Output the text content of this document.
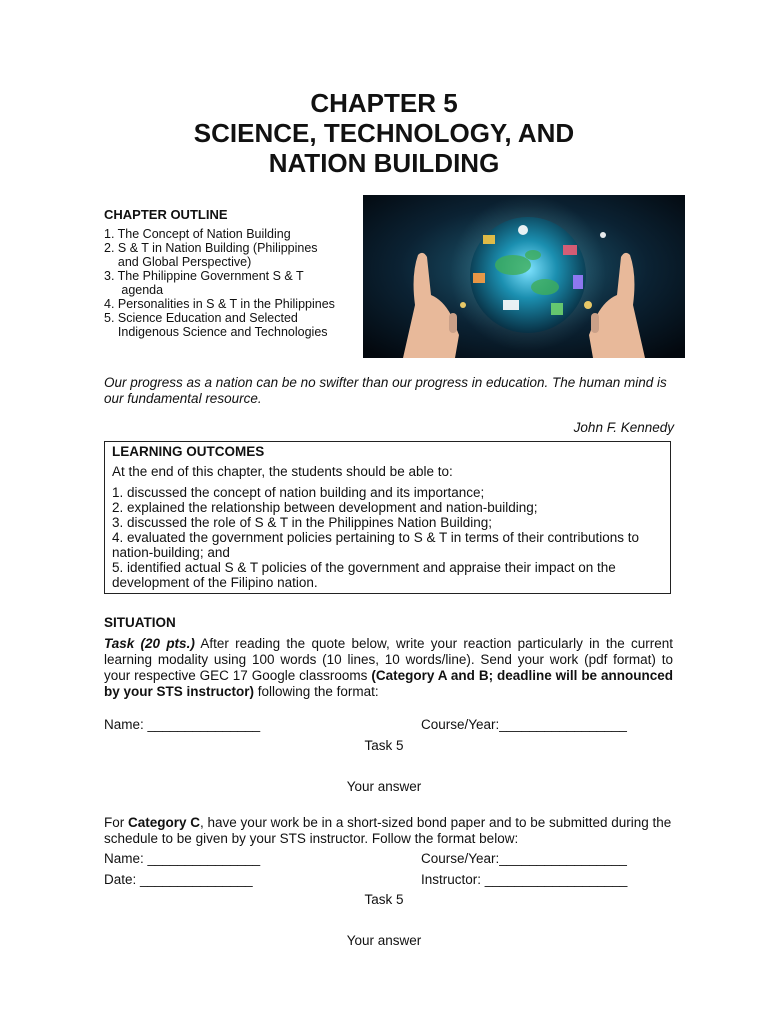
CHAPTER 5
SCIENCE, TECHNOLOGY, AND
NATION BUILDING
CHAPTER OUTLINE
1. The Concept of Nation Building
2. S & T in Nation Building (Philippines
and Global Perspective)
3. The Philippine Government S & T
agenda
4. Personalities in S & T in the Philippines
5. Science Education and Selected
Indigenous Science and Technologies
Our progress as a nation can be no swifter than our progress in education. The human mind is our fundamental resource.
John F. Kennedy
LEARNING OUTCOMES
At the end of this chapter, the students should be able to:
1. discussed the concept of nation building and its importance;
2. explained the relationship between development and nation-building;
3. discussed the role of S & T in the Philippines Nation Building;
4. evaluated the government policies pertaining to S & T in terms of their contributions to nation-building; and
5. identified actual S & T policies of the government and appraise their impact on the development of the Filipino nation.
SITUATION
Task (20 pts.) After reading the quote below, write your reaction particularly in the current learning modality using 100 words (10 lines, 10 words/line). Send your work (pdf format) to your respective GEC 17 Google classrooms (Category A and B; deadline will be announced by your STS instructor) following the format:
Name: _______________	Course/Year:_________________
Task 5
Your answer
For Category C, have your work be in a short-sized bond paper and to be submitted during the schedule to be given by your STS instructor. Follow the format below:
Name: _______________	Course/Year:_________________
Date: _______________	Instructor: ___________________
Task 5
Your answer
